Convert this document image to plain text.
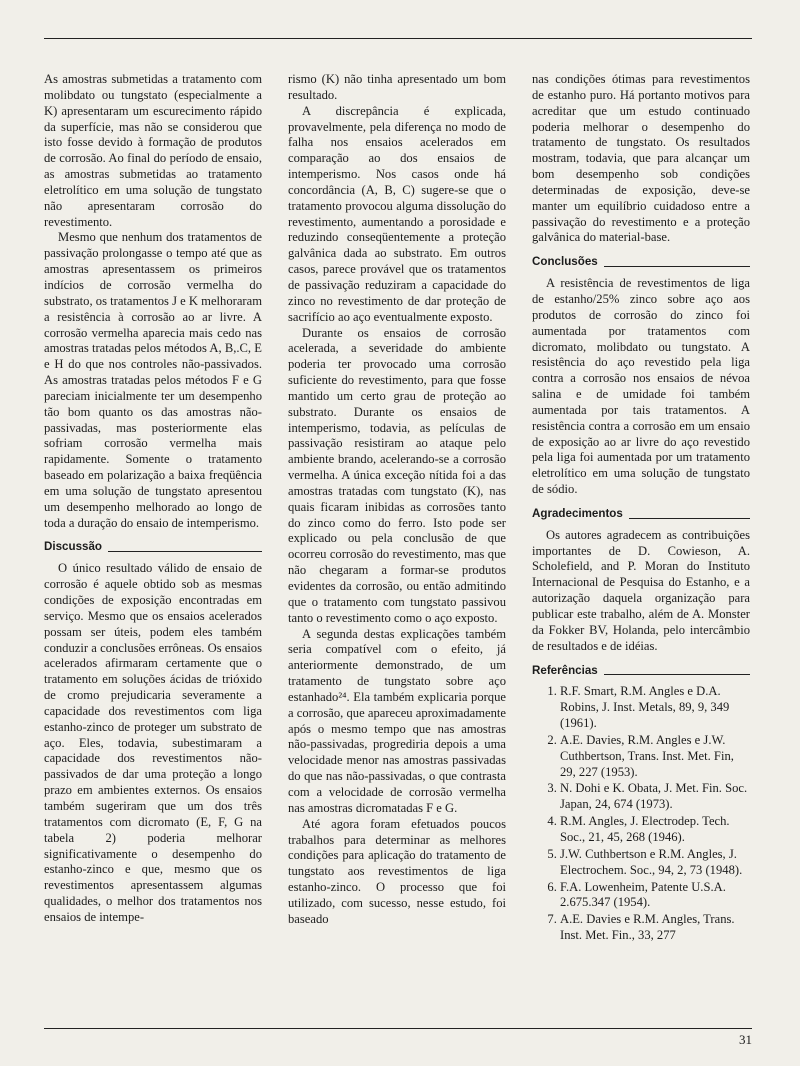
As amostras submetidas a tratamento com molibdato ou tungstato (especialmente a K) apresentaram um escurecimento rápido da superfície, mas não se considerou que isto fosse devido à formação de produtos de corrosão. Ao final do período de ensaio, as amostras submetidas ao tratamento eletrolítico em uma solução de tungstato não apresentaram corrosão do revestimento.

Mesmo que nenhum dos tratamentos de passivação prolongasse o tempo até que as amostras apresentassem os primeiros indícios de corrosão vermelha do substrato, os tratamentos J e K melhoraram a resistência à corrosão ao ar livre. A corrosão vermelha aparecia mais cedo nas amostras tratadas pelos métodos A, B,.C, E e H do que nos controles não-passivados. As amostras tratadas pelos métodos F e G pareciam inicialmente ter um desempenho tão bom quanto os das amostras não-passivadas, mas posteriormente elas sofriam corrosão vermelha mais rapidamente. Somente o tratamento baseado em polarização a baixa freqüência em uma solução de tungstato apresentou um desempenho melhorado ao longo de toda a duração do ensaio de intemperismo.

Discussão

O único resultado válido de ensaio de corrosão é aquele obtido sob as mesmas condições de exposição encontradas em serviço. Mesmo que os ensaios acelerados possam ser úteis, podem eles também conduzir a conclusões errôneas. Os ensaios acelerados afirmaram certamente que o tratamento em soluções ácidas de trióxido de cromo prejudicaria severamente a capacidade dos revestimentos com liga estanho-zinco de proteger um substrato de aço. Eles, todavia, subestimaram a capacidade dos revestimentos não-passivados de dar uma proteção a longo prazo em ambientes externos. Os ensaios também sugeriram que um dos três tratamentos com dicromato (E, F, G na tabela 2) poderia melhorar significativamente o desempenho do estanho-zinco e que, mesmo que os revestimentos apresentassem algumas qualidades, o melhor dos tratamentos nos ensaios de intempe-

rismo (K) não tinha apresentado um bom resultado.

A discrepância é explicada, provavelmente, pela diferença no modo de falha nos ensaios acelerados em comparação ao dos ensaios de intemperismo. Nos casos onde há concordância (A, B, C) sugere-se que o tratamento provocou alguma dissolução do revestimento, aumentando a porosidade e reduzindo conseqüentemente a proteção galvânica dada ao substrato. Em outros casos, parece provável que os tratamentos de passivação reduziram a capacidade do zinco no revestimento de dar proteção de sacrifício ao aço eventualmente exposto.

Durante os ensaios de corrosão acelerada, a severidade do ambiente poderia ter provocado uma corrosão suficiente do revestimento, para que fosse mantido um certo grau de proteção ao substrato. Durante os ensaios de intemperismo, todavia, as películas de passivação resistiram ao ataque pelo ambiente brando, acelerando-se a corrosão vermelha. A única exceção nítida foi a das amostras tratadas com tungstato (K), nas quais ficaram inibidas as corrosões tanto do zinco como do ferro. Isto pode ser explicado ou pela conclusão de que ocorreu corrosão do revestimento, mas que não chegaram a formar-se produtos evidentes da corrosão, ou então admitindo que o tratamento com tungstato passivou tanto o revestimento como o aço exposto.

A segunda destas explicações também seria compatível com o efeito, já anteriormente demonstrado, de um tratamento de tungstato sobre aço estanhado²⁴. Ela também explicaria porque a corrosão, que apareceu aproximadamente após o mesmo tempo que nas amostras não-passivadas, progrediria depois a uma velocidade menor nas amostras passivadas do que nas não-passivadas, o que contrasta com a velocidade de corrosão vermelha nas amostras dicromatadas F e G.

Até agora foram efetuados poucos trabalhos para determinar as melhores condições para aplicação do tratamento de tungstato aos revestimentos de liga estanho-zinco. O processo que foi utilizado, com sucesso, nesse estudo, foi baseado

nas condições ótimas para revestimentos de estanho puro. Há portanto motivos para acreditar que um estudo continuado poderia melhorar o desempenho do tratamento de tungstato. Os resultados mostram, todavia, que para alcançar um bom desempenho sob condições determinadas de exposição, deve-se manter um equilíbrio cuidadoso entre a passivação do revestimento e a proteção galvânica do material-base.

Conclusões

A resistência de revestimentos de liga de estanho/25% zinco sobre aço aos produtos de corrosão do zinco foi aumentada por tratamentos com dicromato, molibdato ou tungstato. A resistência do aço revestido pela liga contra a corrosão nos ensaios de névoa salina e de umidade foi também aumentada por tais tratamentos. A resistência contra a corrosão em um ensaio de exposição ao ar livre do aço revestido pela liga foi aumentada por um tratamento eletrolítico em uma solução de tungstato de sódio.

Agradecimentos

Os autores agradecem as contribuições importantes de D. Cowieson, A. Scholefield, and P. Moran do Instituto Internacional de Pesquisa do Estanho, e a autorização daquela organização para publicar este trabalho, além de A. Monster da Fokker BV, Holanda, pelo intercâmbio de resultados e de idéias.

Referências
1. R.F. Smart, R.M. Angles e D.A. Robins, J. Inst. Metals, 89, 9, 349 (1961).
2. A.E. Davies, R.M. Angles e J.W. Cuthbertson, Trans. Inst. Met. Fin, 29, 227 (1953).
3. N. Dohi e K. Obata, J. Met. Fin. Soc. Japan, 24, 674 (1973).
4. R.M. Angles, J. Electrodep. Tech. Soc., 21, 45, 268 (1946).
5. J.W. Cuthbertson e R.M. Angles, J. Electrochem. Soc., 94, 2, 73 (1948).
6. F.A. Lowenheim, Patente U.S.A. 2.675.347 (1954).
7. A.E. Davies e R.M. Angles, Trans. Inst. Met. Fin., 33, 277
31
